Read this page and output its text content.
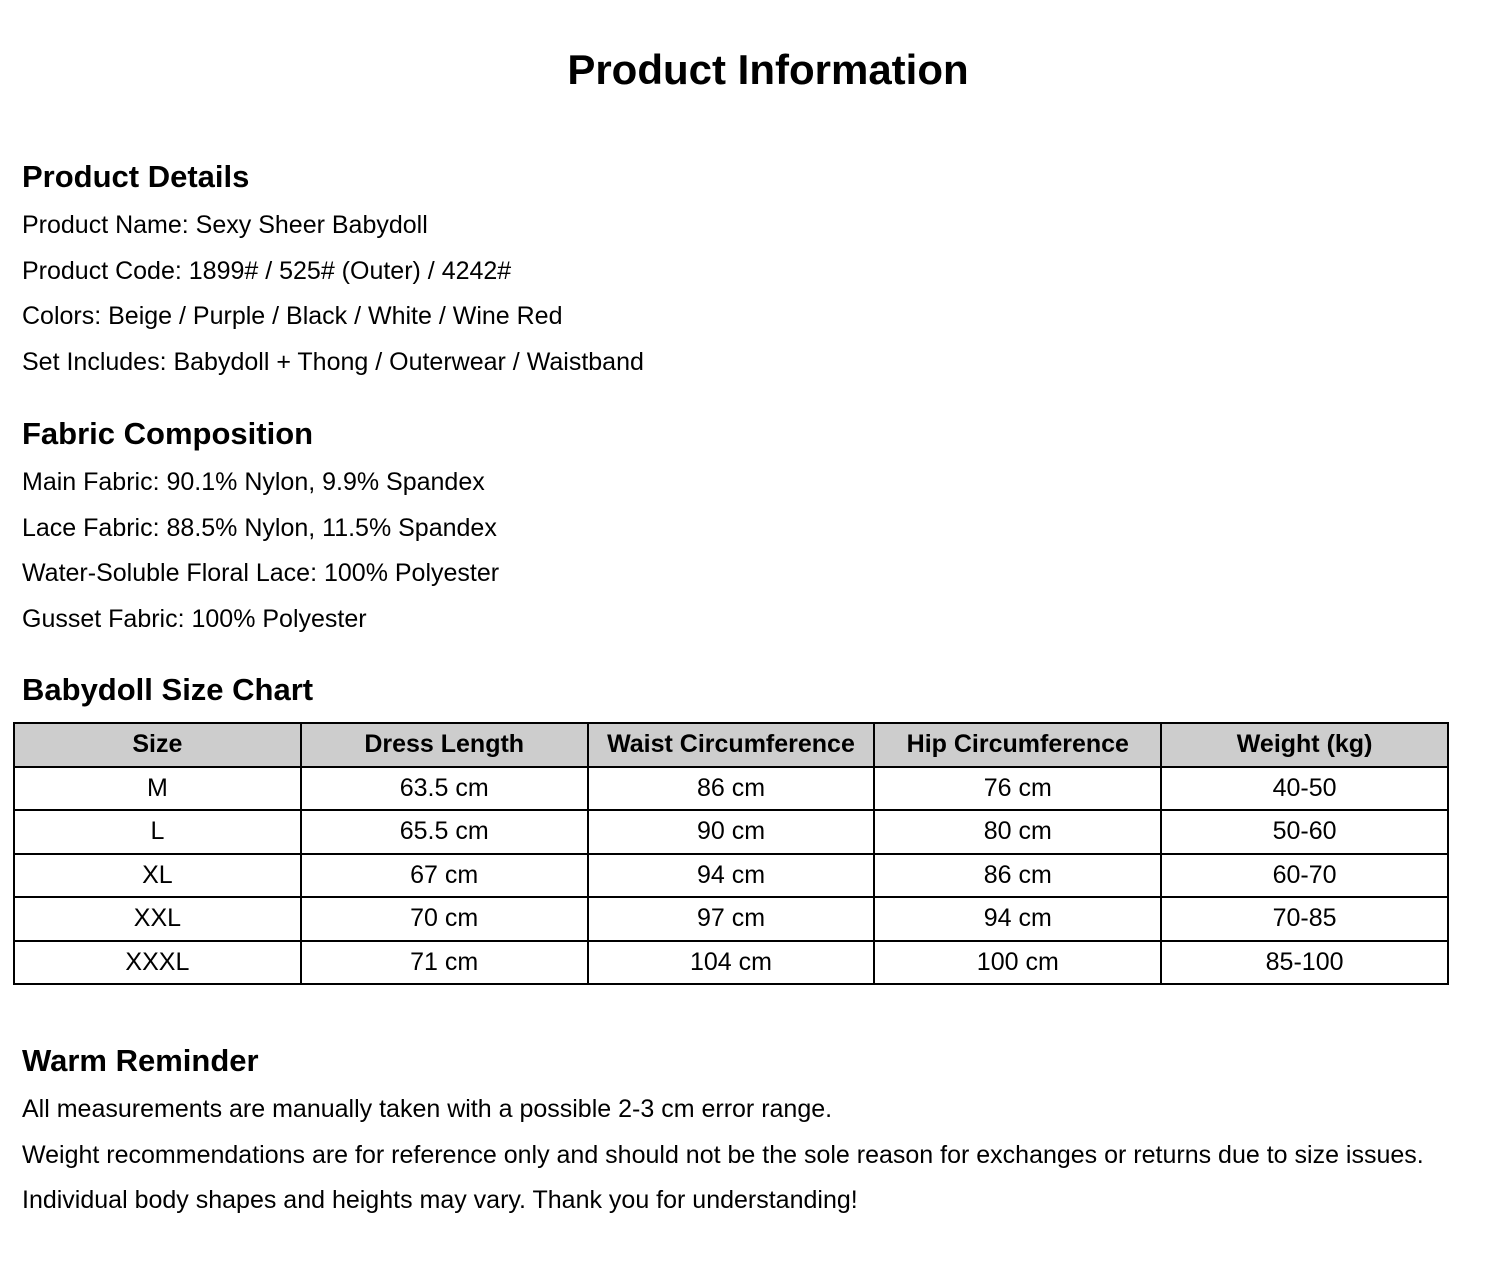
Product Information
Product Details

Product Name: Sexy Sheer Babydoll

Product Code: 1899# / 525# (Outer) / 4242#

Colors: Beige / Purple / Black / White / Wine Red

Set Includes: Babydoll + Thong / Outerwear / Waistband

Fabric Composition

Main Fabric: 90.1% Nylon, 9.9% Spandex

Lace Fabric: 88.5% Nylon, 11.5% Spandex

Water-Soluble Floral Lace: 100% Polyester

Gusset Fabric: 100% Polyester

Babydoll Size Chart
Size	Dress Length	Waist Circumference	Hip Circumference	Weight (kg)
M	63.5 cm	86 cm	76 cm	40-50
L	65.5 cm	90 cm	80 cm	50-60
XL	67 cm	94 cm	86 cm	60-70
XXL	70 cm	97 cm	94 cm	70-85
XXXL	71 cm	104 cm	100 cm	85-100
Warm Reminder

All measurements are manually taken with a possible 2-3 cm error range.

Weight recommendations are for reference only and should not be the sole reason for exchanges or returns due to size issues. Individual body shapes and heights may vary. Thank you for understanding!
